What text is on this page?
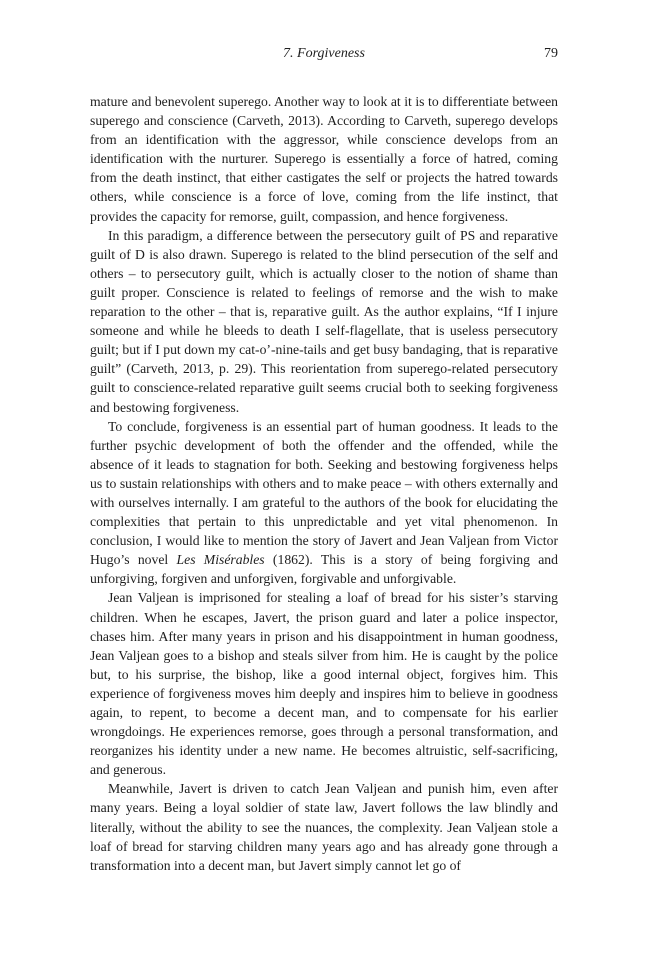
7. Forgiveness	79

mature and benevolent superego. Another way to look at it is to differentiate between superego and conscience (Carveth, 2013). According to Carveth, superego develops from an identification with the aggressor, while conscience develops from an identification with the nurturer. Superego is essentially a force of hatred, coming from the death instinct, that either castigates the self or projects the hatred towards others, while conscience is a force of love, coming from the life instinct, that provides the capacity for remorse, guilt, compassion, and hence forgiveness.

In this paradigm, a difference between the persecutory guilt of PS and reparative guilt of D is also drawn. Superego is related to the blind persecution of the self and others – to persecutory guilt, which is actually closer to the notion of shame than guilt proper. Conscience is related to feelings of remorse and the wish to make reparation to the other – that is, reparative guilt. As the author explains, “If I injure someone and while he bleeds to death I self-flagellate, that is useless persecutory guilt; but if I put down my cat-o’-nine-tails and get busy bandaging, that is reparative guilt” (Carveth, 2013, p. 29). This reorientation from superego-related persecutory guilt to conscience-related reparative guilt seems crucial both to seeking forgiveness and bestowing forgiveness.

To conclude, forgiveness is an essential part of human goodness. It leads to the further psychic development of both the offender and the offended, while the absence of it leads to stagnation for both. Seeking and bestowing forgiveness helps us to sustain relationships with others and to make peace – with others externally and with ourselves internally. I am grateful to the authors of the book for elucidating the complexities that pertain to this unpredictable and yet vital phenomenon. In conclusion, I would like to mention the story of Javert and Jean Valjean from Victor Hugo’s novel Les Misérables (1862). This is a story of being forgiving and unforgiving, forgiven and unforgiven, forgivable and unforgivable.

Jean Valjean is imprisoned for stealing a loaf of bread for his sister’s starving children. When he escapes, Javert, the prison guard and later a police inspector, chases him. After many years in prison and his disappointment in human goodness, Jean Valjean goes to a bishop and steals silver from him. He is caught by the police but, to his surprise, the bishop, like a good internal object, forgives him. This experience of forgiveness moves him deeply and inspires him to believe in goodness again, to repent, to become a decent man, and to compensate for his earlier wrongdoings. He experiences remorse, goes through a personal transformation, and reorganizes his identity under a new name. He becomes altruistic, self-sacrificing, and generous.

Meanwhile, Javert is driven to catch Jean Valjean and punish him, even after many years. Being a loyal soldier of state law, Javert follows the law blindly and literally, without the ability to see the nuances, the complexity. Jean Valjean stole a loaf of bread for starving children many years ago and has already gone through a transformation into a decent man, but Javert simply cannot let go of
